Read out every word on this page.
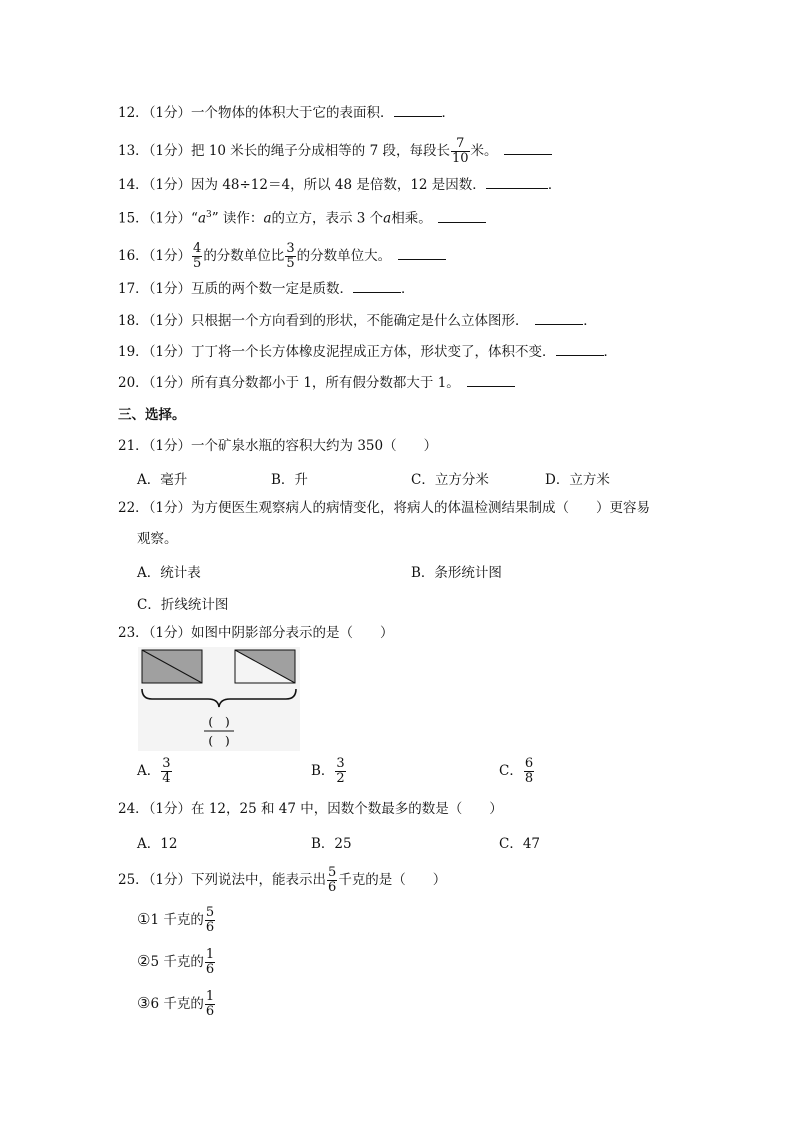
12．（1分）一个物体的体积大于它的表面积．	．
13．（1分）把 10 米长的绳子分成相等的 7 段，每段长 $\frac{7}{10}$ 米。　
14．（1分）因为 48÷12＝4，所以 48 是倍数，12 是因数．	．
15．（1分）“$a^3$” 读作：a的立方，表示 3 个a相乘。　
16．（1分） $\frac{4}{5}$ 的分数单位比 $\frac{3}{5}$ 的分数单位大。　
17．（1分）互质的两个数一定是质数．	．
18．（1分）只根据一个方向看到的形状，不能确定是什么立体图形．　	．
19．（1分）丁丁将一个长方体橡皮泥捏成正方体，形状变了，体积不变．	．
20．（1分）所有真分数都小于 1，所有假分数都大于 1。　
三、选择。
21．（1分）一个矿泉水瓶的容积大约为 350（　　）
A．毫升	B．升	C．立方分米	D．立方米
22．（1分）为方便医生观察病人的病情变化，将病人的体温检测结果制成（　　）更容易
观察。
A．统计表	B．条形统计图
C．折线统计图
23．（1分）如图中阴影部分表示的是（　　）
(　)
(　)
A． $\frac{3}{4}$	B． $\frac{3}{2}$	C． $\frac{6}{8}$
24．（1分）在 12，25 和 47 中，因数个数最多的数是（　　）
A．12	B．25	C．47
25．（1分）下列说法中，能表示出 $\frac{5}{6}$ 千克的是（　　）
①1 千克的 $\frac{5}{6}$
②5 千克的 $\frac{1}{6}$
③6 千克的 $\frac{1}{6}$
